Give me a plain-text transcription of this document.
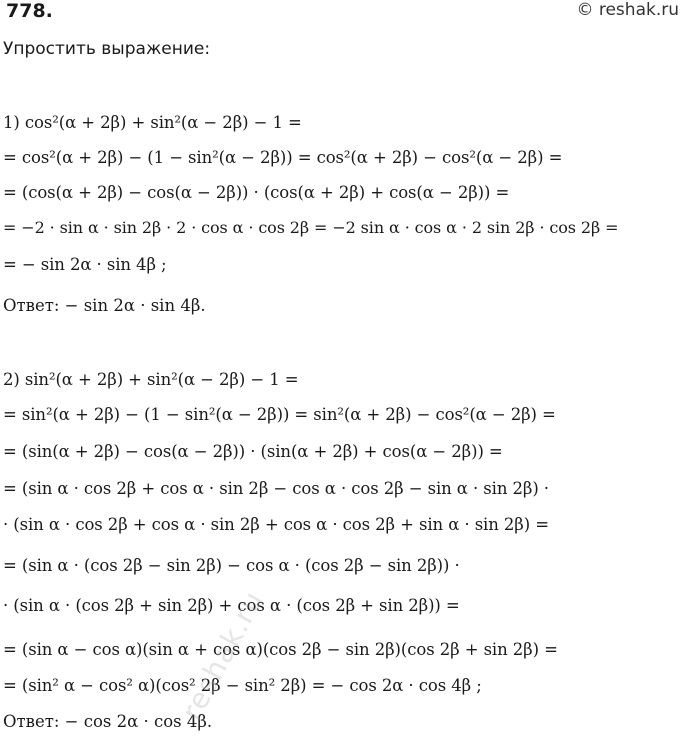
778.	© reshak.ru
Упростить выражение:
1) cos²(α + 2β) + sin²(α − 2β) − 1 =
= cos²(α + 2β) − (1 − sin²(α − 2β)) = cos²(α + 2β) − cos²(α − 2β) =
= (cos(α + 2β) − cos(α − 2β)) · (cos(α + 2β) + cos(α − 2β)) =
= −2 · sin α · sin 2β · 2 · cos α · cos 2β = −2 sin α · cos α · 2 sin 2β · cos 2β =
= − sin 2α · sin 4β ;
Ответ: − sin 2α · sin 4β.
2) sin²(α + 2β) + sin²(α − 2β) − 1 =
= sin²(α + 2β) − (1 − sin²(α − 2β)) = sin²(α + 2β) − cos²(α − 2β) =
= (sin(α + 2β) − cos(α − 2β)) · (sin(α + 2β) + cos(α − 2β)) =
= (sin α · cos 2β + cos α · sin 2β − cos α · cos 2β − sin α · sin 2β) ·
· (sin α · cos 2β + cos α · sin 2β + cos α · cos 2β + sin α · sin 2β) =
= (sin α · (cos 2β − sin 2β) − cos α · (cos 2β − sin 2β)) ·
· (sin α · (cos 2β + sin 2β) + cos α · (cos 2β + sin 2β)) =
= (sin α − cos α)(sin α + cos α)(cos 2β − sin 2β)(cos 2β + sin 2β) =
= (sin² α − cos² α)(cos² 2β − sin² 2β) = − cos 2α · cos 4β ;
Ответ: − cos 2α · cos 4β.
reshak.ru
